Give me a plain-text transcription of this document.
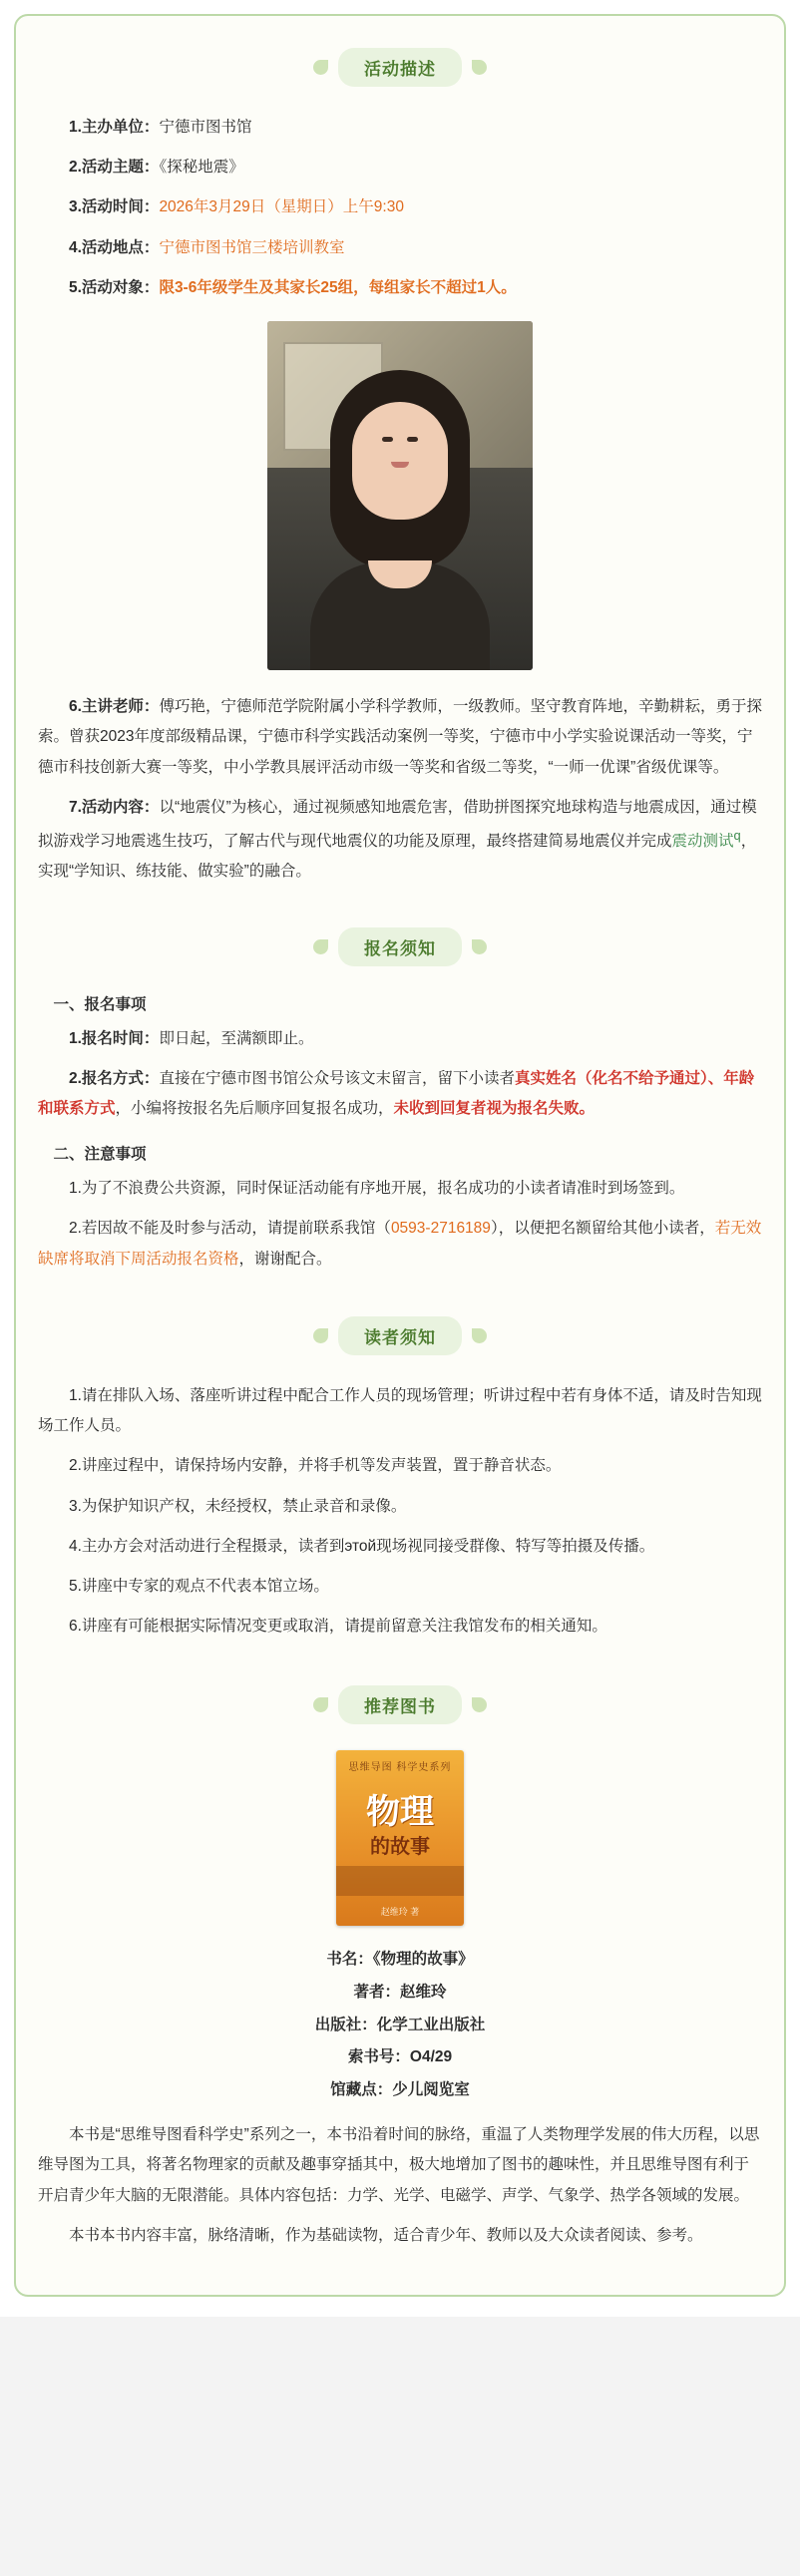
活动描述

1.主办单位：宁德市图书馆

2.活动主题：《探秘地震》

3.活动时间：2026年3月29日（星期日）上午9:30

4.活动地点：宁德市图书馆三楼培训教室

5.活动对象：限3-6年级学生及其家长25组，每组家长不超过1人。

6.主讲老师：傅巧艳，宁德师范学院附属小学科学教师，一级教师。坚守教育阵地，辛勤耕耘，勇于探索。曾获2023年度部级精品课，宁德市科学实践活动案例一等奖，宁德市中小学实验说课活动一等奖，宁德市科技创新大赛一等奖，中小学教具展评活动市级一等奖和省级二等奖，“一师一优课”省级优课等。

7.活动内容：以“地震仪”为核心，通过视频感知地震危害，借助拼图探究地球构造与地震成因，通过模拟游戏学习地震逃生技巧，了解古代与现代地震仪的功能及原理，最终搭建简易地震仪并完成震动测试$^q$，实现“学知识、练技能、做实验”的融合。

报名须知
一、报名事项

1.报名时间：即日起，至满额即止。

2.报名方式：直接在宁德市图书馆公众号该文末留言，留下小读者真实姓名（化名不给予通过）、年龄和联系方式，小编将按报名先后顺序回复报名成功，未收到回复者视为报名失败。

二、注意事项

1.为了不浪费公共资源，同时保证活动能有序地开展，报名成功的小读者请准时到场签到。

2.若因故不能及时参与活动，请提前联系我馆（0593-2716189），以便把名额留给其他小读者，若无效缺席将取消下周活动报名资格，谢谢配合。

读者须知

1.请在排队入场、落座听讲过程中配合工作人员的现场管理；听讲过程中若有身体不适，请及时告知现场工作人员。

2.讲座过程中，请保持场内安静，并将手机等发声装置，置于静音状态。

3.为保护知识产权，未经授权，禁止录音和录像。

4.主办方会对活动进行全程摄录，读者到этой现场视同接受群像、特写等拍摄及传播。

5.讲座中专家的观点不代表本馆立场。

6.讲座有可能根据实际情况变更或取消，请提前留意关注我馆发布的相关通知。

推荐图书
思维导图 科学史系列
物理
的故事
赵维玲 著
书名：《物理的故事》
著者：赵维玲
出版社：化学工业出版社
索书号：O4/29
馆藏点：少儿阅览室

本书是“思维导图看科学史”系列之一，本书沿着时间的脉络，重温了人类物理学发展的伟大历程，以思维导图为工具，将著名物理家的贡献及趣事穿插其中，极大地增加了图书的趣味性，并且思维导图有利于开启青少年大脑的无限潜能。具体内容包括：力学、光学、电磁学、声学、气象学、热学各领域的发展。

本书本书内容丰富，脉络清晰，作为基础读物，适合青少年、教师以及大众读者阅读、参考。
